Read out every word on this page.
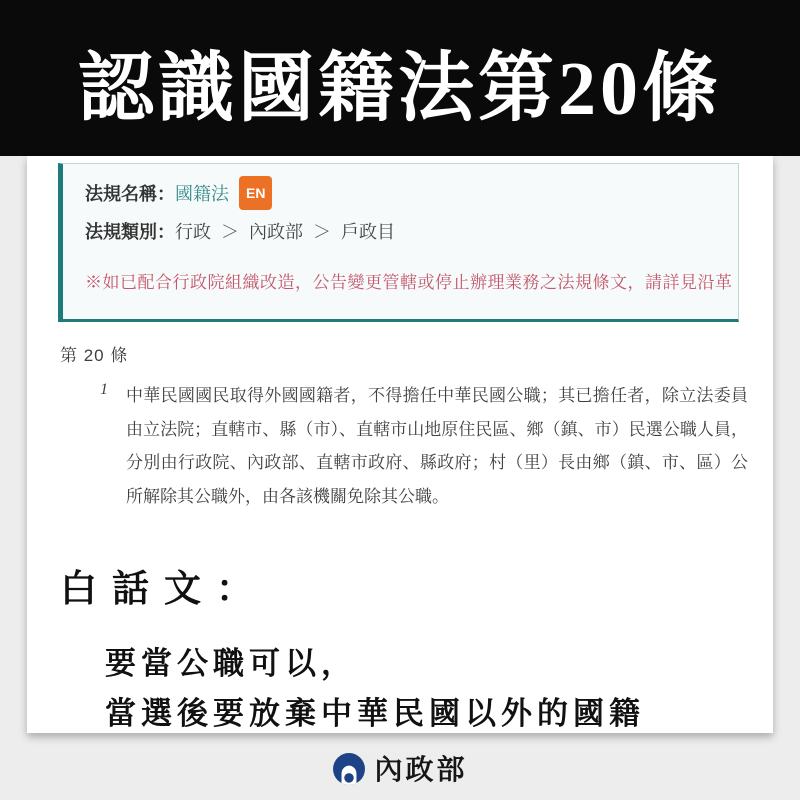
認識國籍法第20條
法規名稱：國籍法 EN
法規類別：行政 ＞ 內政部 ＞ 戶政目
※如已配合行政院組織改造，公告變更管轄或停止辦理業務之法規條文，請詳見沿革
第 20 條
1	中華民國國民取得外國國籍者，不得擔任中華民國公職；其已擔任者，除立法委員由立法院；直轄市、縣（市）、直轄市山地原住民區、鄉（鎮、市）民選公職人員，分別由行政院、內政部、直轄市政府、縣政府；村（里）長由鄉（鎮、市、區）公所解除其公職外，由各該機關免除其公職。
白話文：
要當公職可以，
當選後要放棄中華民國以外的國籍
內政部
